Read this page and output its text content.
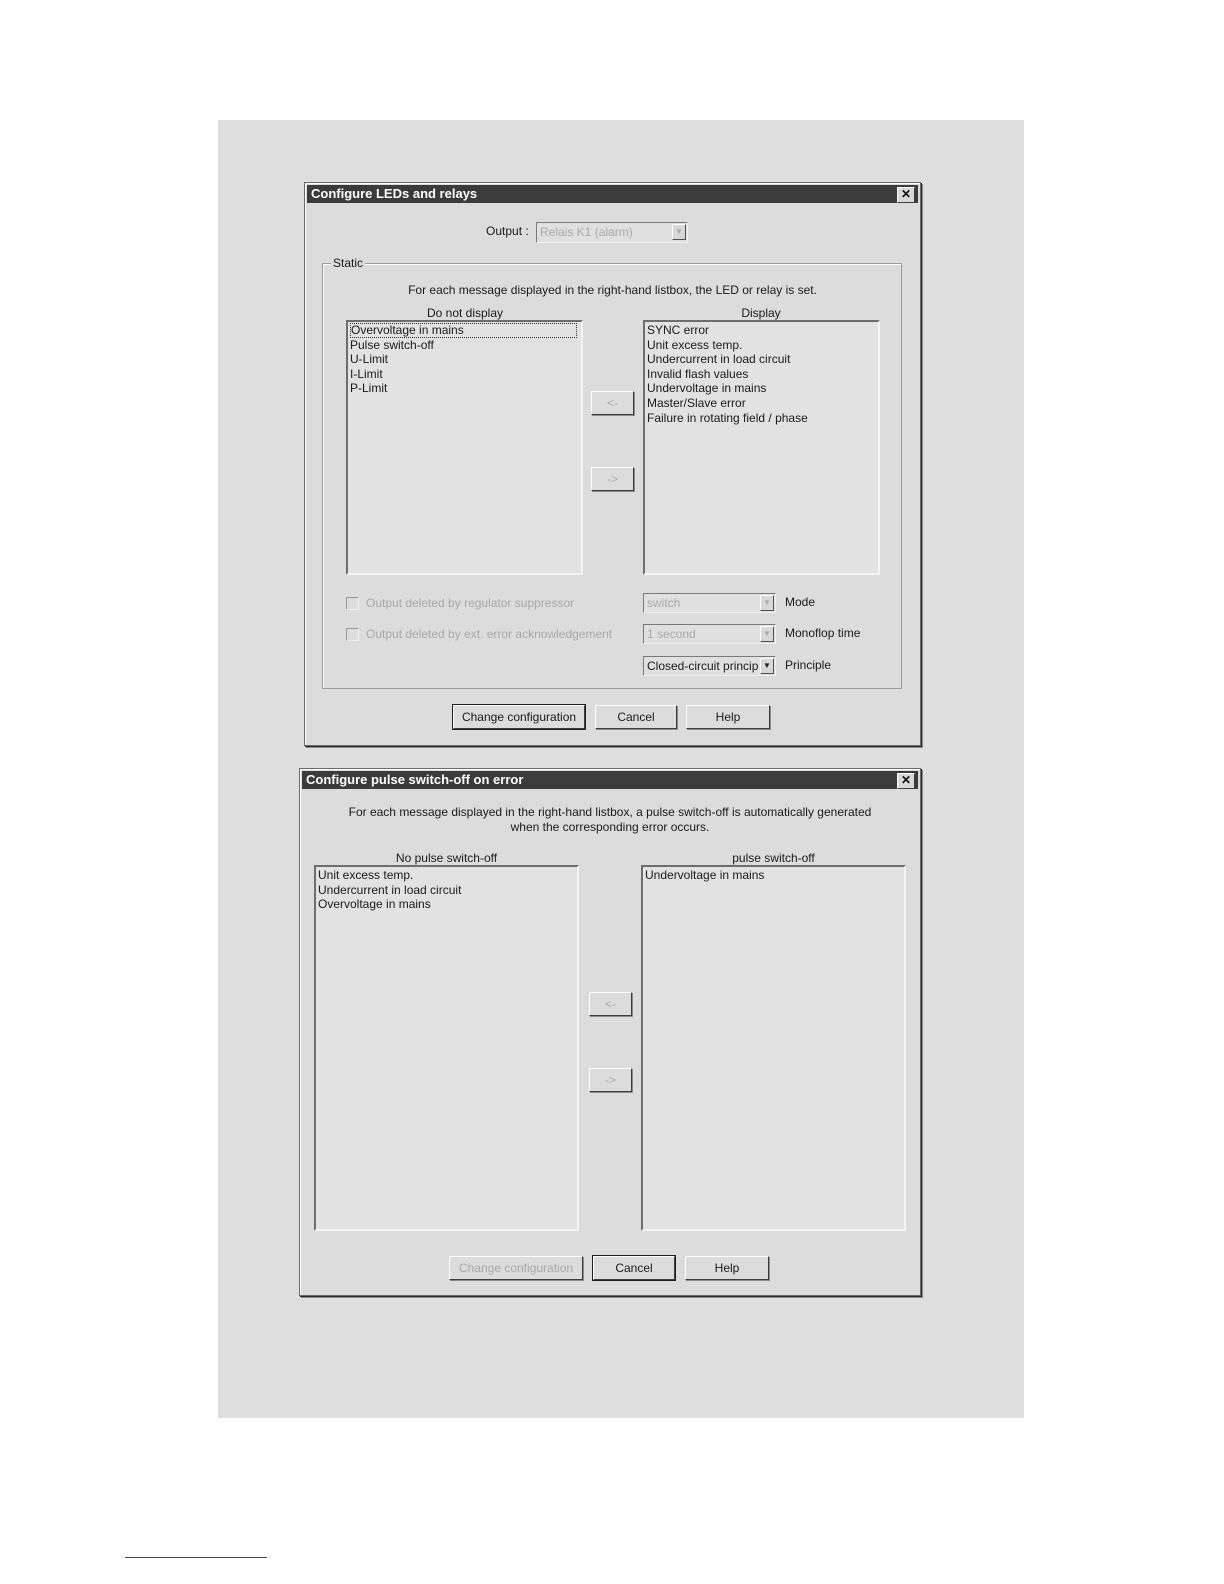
Configure LEDs and relays	✕
Output : Relais K1 (alarm)	▼
Static
For each message displayed in the right-hand listbox, the LED or relay is set.
Do not display	Display
Overvoltage in mains
Pulse switch-off
U-Limit
I-Limit
P-Limit
SYNC error
Unit excess temp.
Undercurrent in load circuit
Invalid flash values
Undervoltage in mains
Master/Slave error
Failure in rotating field / phase
<-
->
Output deleted by regulator suppressor
Output deleted by ext. error acknowledgement
switch	▼ Mode
1 second	▼ Monoflop time
Closed-circuit princip ▼ Principle
Change configuration	Cancel	Help
Configure pulse switch-off on error	✕
For each message displayed in the right-hand listbox, a pulse switch-off is automatically generated
when the corresponding error occurs.
No pulse switch-off	pulse switch-off
Unit excess temp.
Undercurrent in load circuit
Overvoltage in mains
Undervoltage in mains
<-
->
Change configuration	Cancel	Help
